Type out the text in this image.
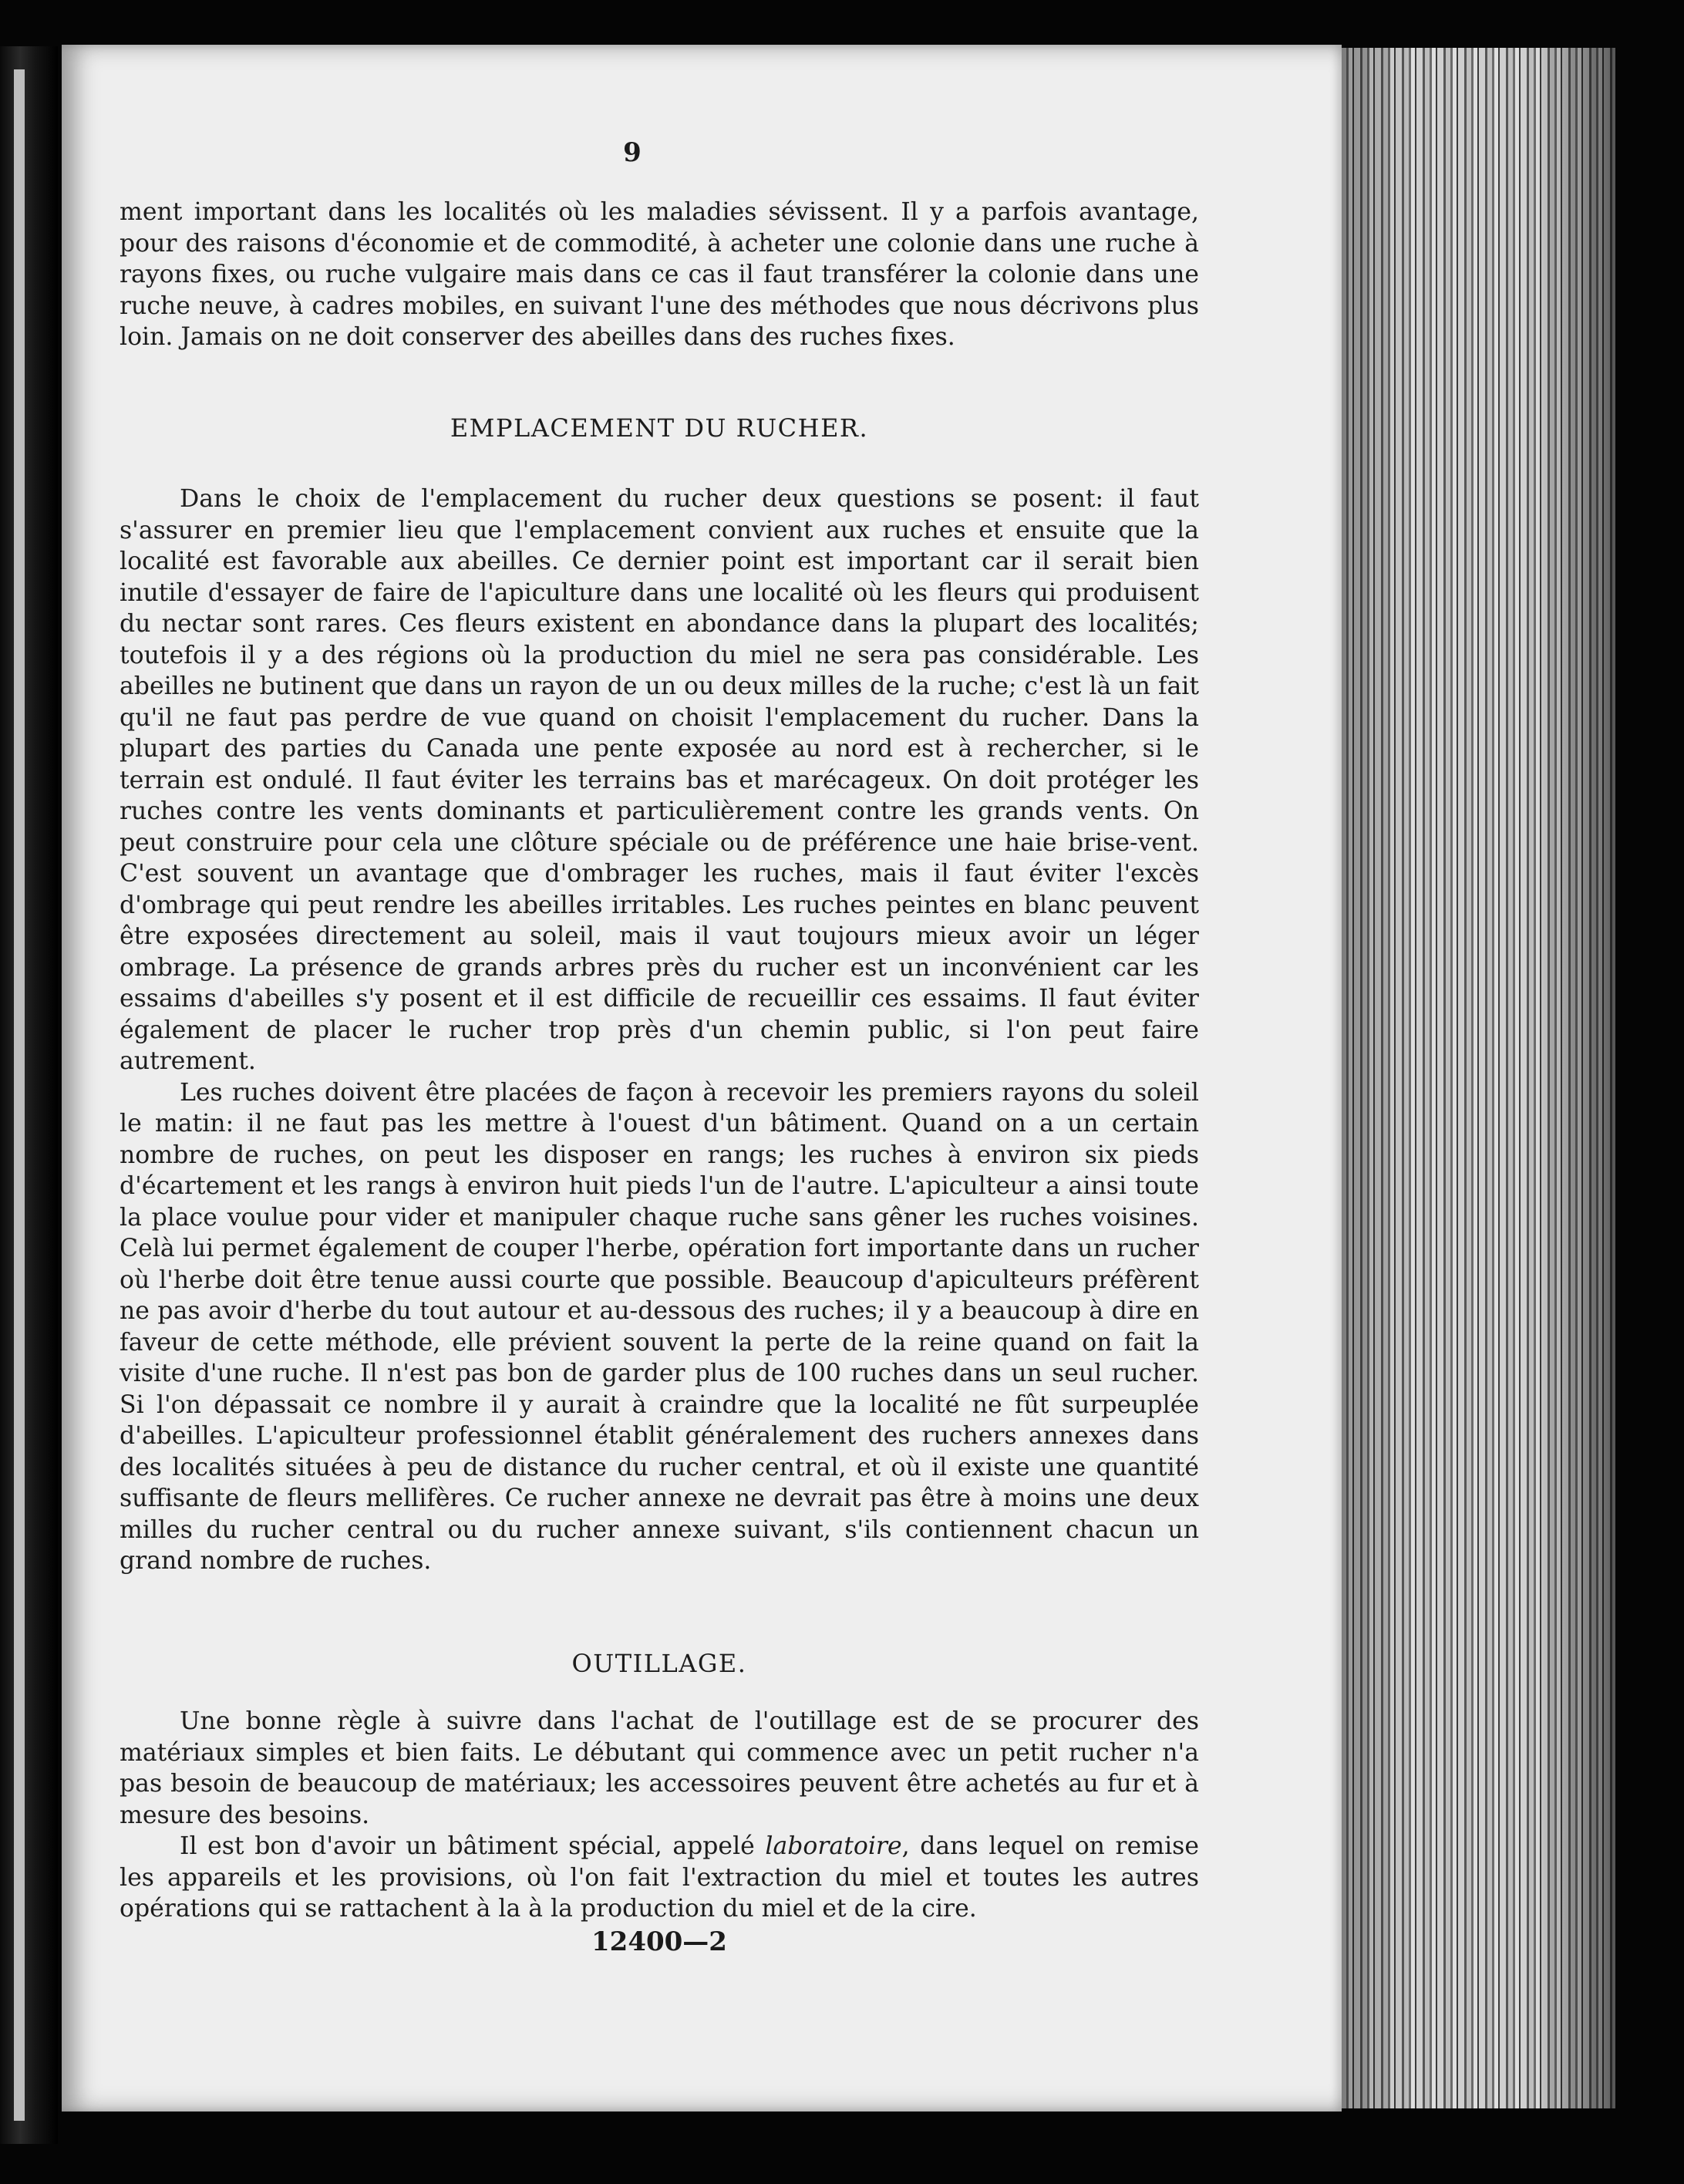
9

ment important dans les localités où les maladies sévissent. Il y a parfois avantage, pour des raisons d'économie et de commodité, à acheter une colonie dans une ruche à rayons fixes, ou ruche vulgaire mais dans ce cas il faut transférer la colonie dans une ruche neuve, à cadres mobiles, en suivant l'une des méthodes que nous décrivons plus loin. Jamais on ne doit conserver des abeilles dans des ruches fixes.

EMPLACEMENT DU RUCHER.

Dans le choix de l'emplacement du rucher deux questions se posent: il faut s'assurer en premier lieu que l'emplacement convient aux ruches et ensuite que la localité est favorable aux abeilles. Ce dernier point est important car il serait bien inutile d'essayer de faire de l'apiculture dans une localité où les fleurs qui produisent du nectar sont rares. Ces fleurs existent en abondance dans la plupart des localités; toutefois il y a des régions où la production du miel ne sera pas considérable. Les abeilles ne butinent que dans un rayon de un ou deux milles de la ruche; c'est là un fait qu'il ne faut pas perdre de vue quand on choisit l'emplacement du rucher. Dans la plupart des parties du Canada une pente exposée au nord est à rechercher, si le terrain est ondulé. Il faut éviter les terrains bas et marécageux. On doit protéger les ruches contre les vents dominants et particulièrement contre les grands vents. On peut construire pour cela une clôture spéciale ou de préférence une haie brise-vent. C'est souvent un avantage que d'ombrager les ruches, mais il faut éviter l'excès d'ombrage qui peut rendre les abeilles irritables. Les ruches peintes en blanc peuvent être exposées directement au soleil, mais il vaut toujours mieux avoir un léger ombrage. La présence de grands arbres près du rucher est un inconvénient car les essaims d'abeilles s'y posent et il est difficile de recueillir ces essaims. Il faut éviter également de placer le rucher trop près d'un chemin public, si l'on peut faire autrement.

Les ruches doivent être placées de façon à recevoir les premiers rayons du soleil le matin: il ne faut pas les mettre à l'ouest d'un bâtiment. Quand on a un certain nombre de ruches, on peut les disposer en rangs; les ruches à environ six pieds d'écartement et les rangs à environ huit pieds l'un de l'autre. L'apiculteur a ainsi toute la place voulue pour vider et manipuler chaque ruche sans gêner les ruches voisines. Celà lui permet également de couper l'herbe, opération fort importante dans un rucher où l'herbe doit être tenue aussi courte que possible. Beaucoup d'apiculteurs préfèrent ne pas avoir d'herbe du tout autour et au-dessous des ruches; il y a beaucoup à dire en faveur de cette méthode, elle prévient souvent la perte de la reine quand on fait la visite d'une ruche. Il n'est pas bon de garder plus de 100 ruches dans un seul rucher. Si l'on dépassait ce nombre il y aurait à craindre que la localité ne fût surpeuplée d'abeilles. L'apiculteur professionnel établit généralement des ruchers annexes dans des localités situées à peu de distance du rucher central, et où il existe une quantité suffisante de fleurs mellifères. Ce rucher annexe ne devrait pas être à moins une deux milles du rucher central ou du rucher annexe suivant, s'ils contiennent chacun un grand nombre de ruches.

OUTILLAGE.

Une bonne règle à suivre dans l'achat de l'outillage est de se procurer des matériaux simples et bien faits. Le débutant qui commence avec un petit rucher n'a pas besoin de beaucoup de matériaux; les accessoires peuvent être achetés au fur et à mesure des besoins.

Il est bon d'avoir un bâtiment spécial, appelé laboratoire, dans lequel on remise les appareils et les provisions, où l'on fait l'extraction du miel et toutes les autres opérations qui se rattachent à la à la production du miel et de la cire.

12400—2
